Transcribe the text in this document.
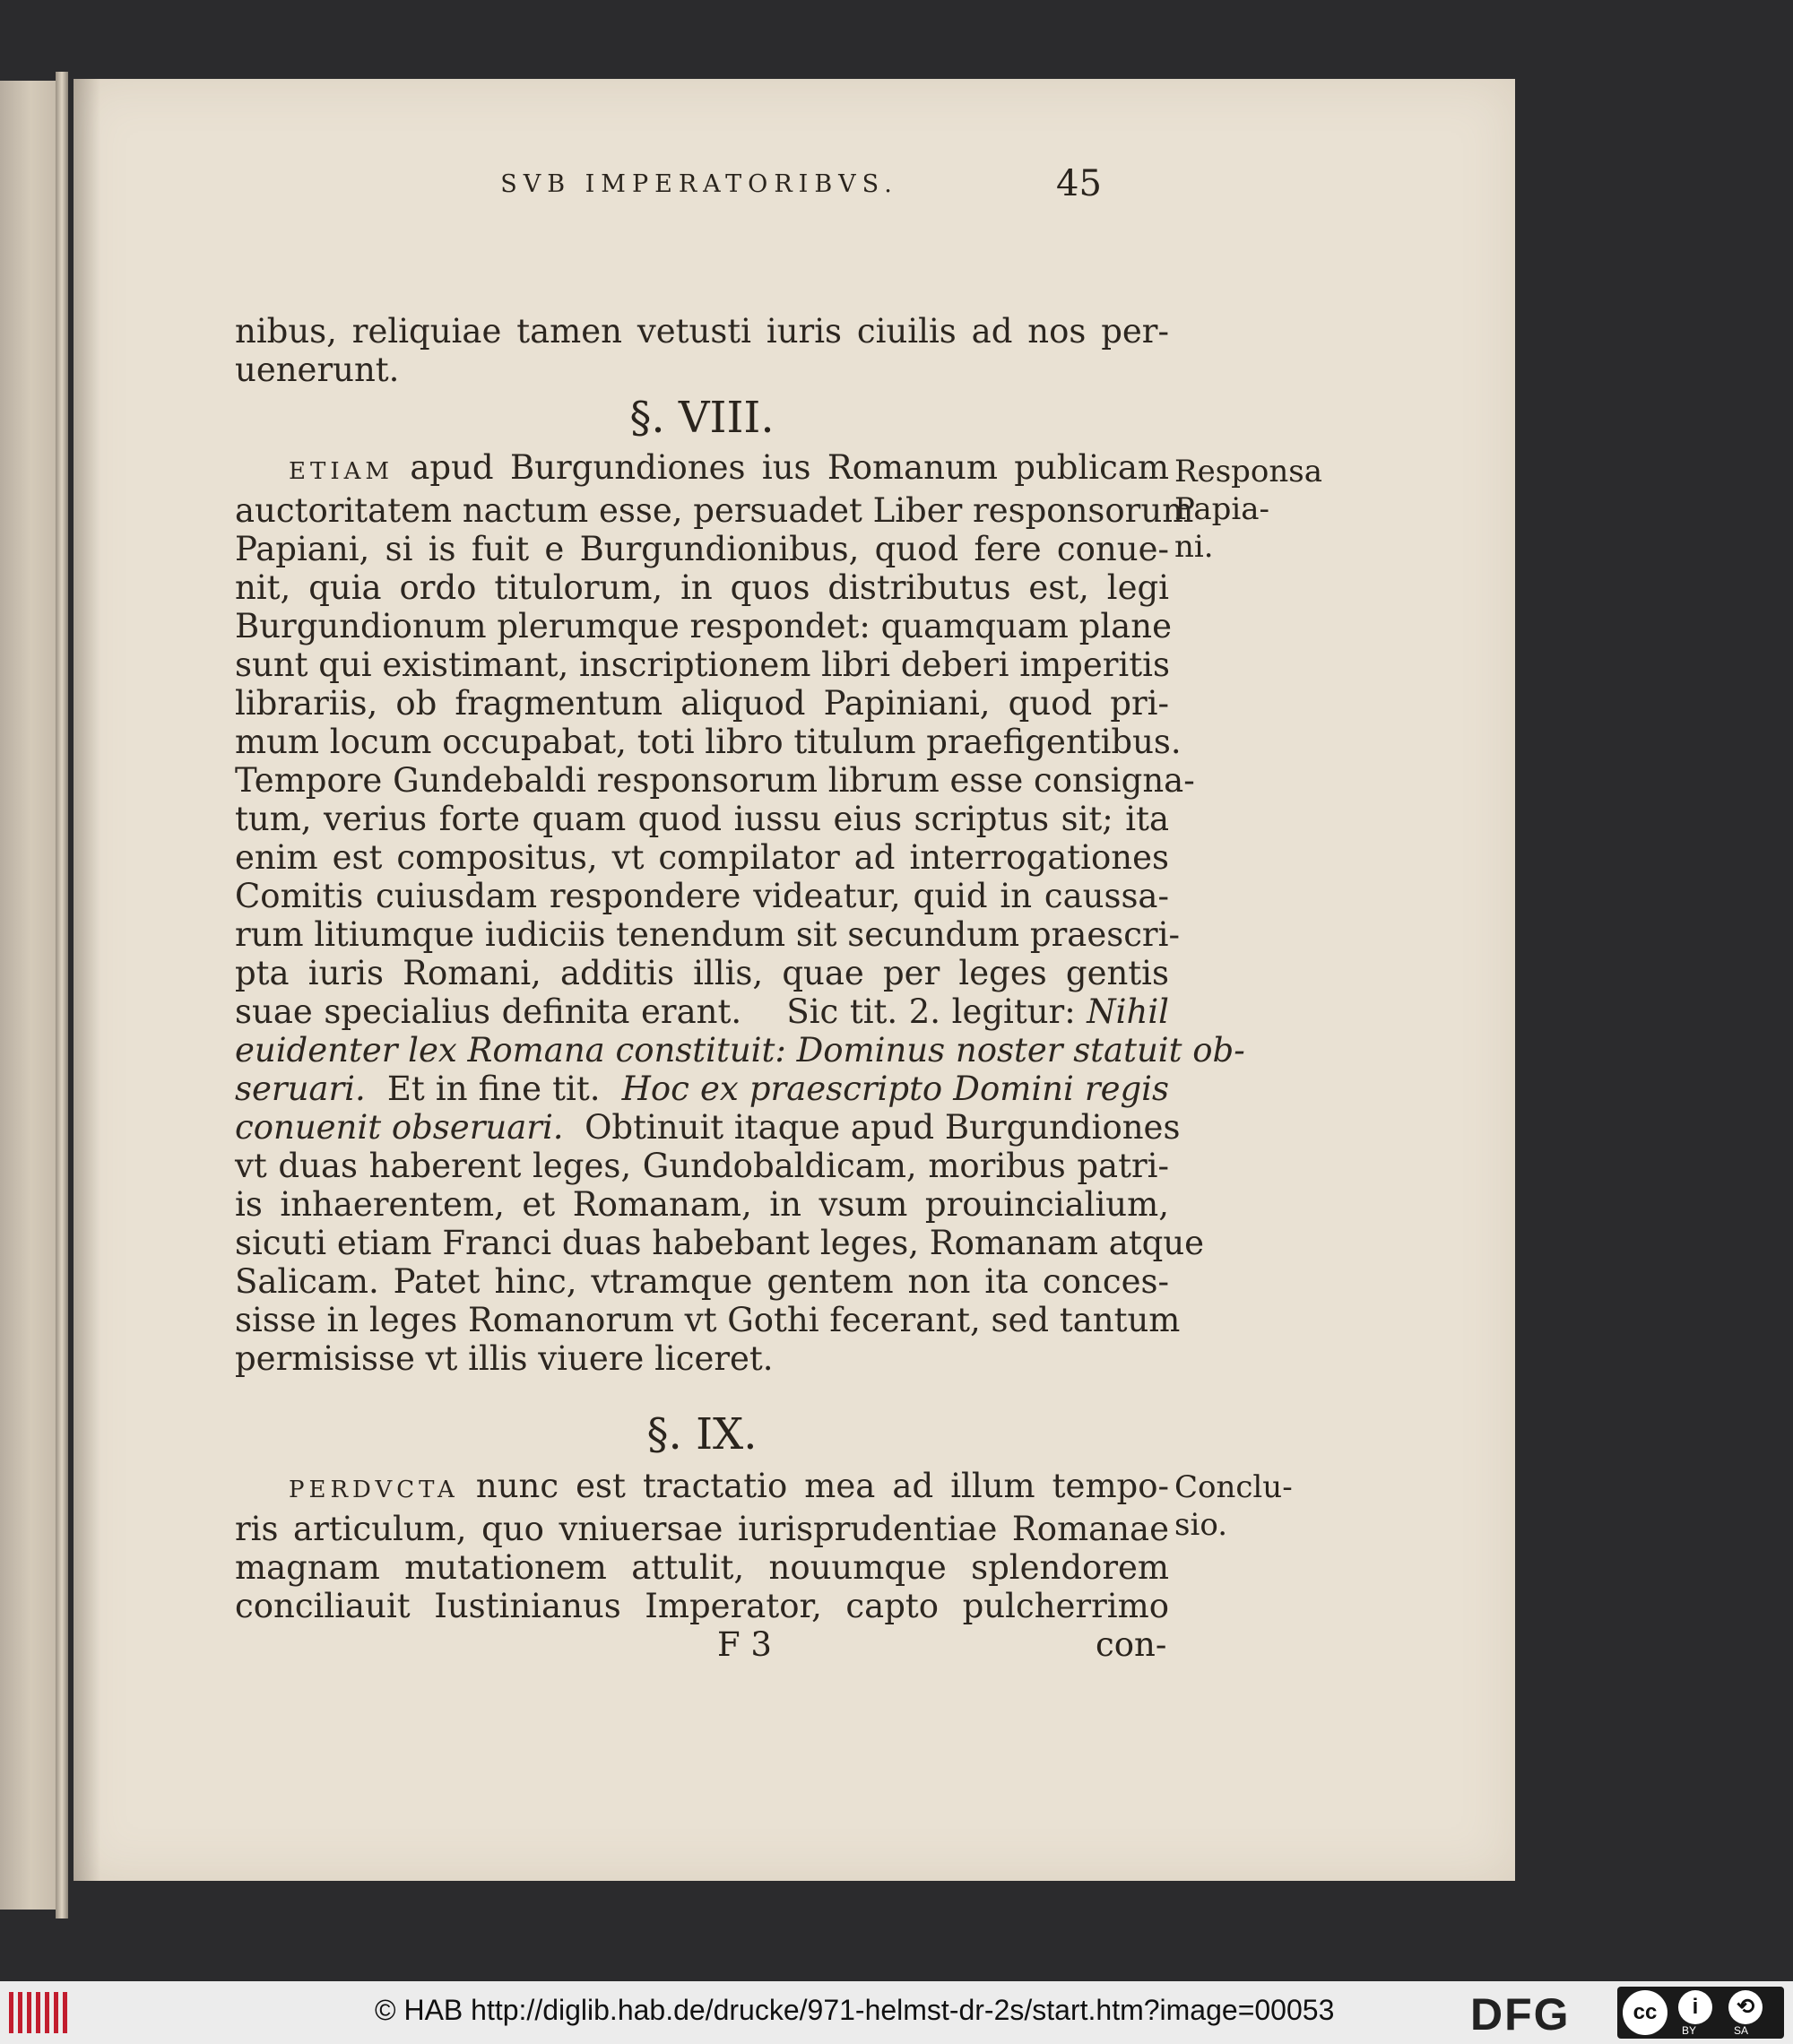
SVB IMPERATORIBVS.	45
nibus, reliquiae tamen vetusti iuris ciuilis ad nos per-
uenerunt.
§. VIII.
ETIAM apud Burgundiones ius Romanum publicam
auctoritatem nactum esse, persuadet Liber responsorum
Papiani, si is fuit e Burgundionibus, quod fere conue-
nit, quia ordo titulorum, in quos distributus est, legi
Burgundionum plerumque respondet: quamquam plane
sunt qui existimant, inscriptionem libri deberi imperitis
librariis, ob fragmentum aliquod Papiniani, quod pri-
mum locum occupabat, toti libro titulum praefigentibus.
Tempore Gundebaldi responsorum librum esse consigna-
tum, verius forte quam quod iussu eius scriptus sit; ita
enim est compositus, vt compilator ad interrogationes
Comitis cuiusdam respondere videatur, quid in caussa-
rum litiumque iudiciis tenendum sit secundum praescri-
pta iuris Romani, additis illis, quae per leges gentis
suae specialius definita erant.    Sic tit. 2. legitur: Nihil
euidenter lex Romana constituit: Dominus noster statuit ob-
seruari.  Et in fine tit.  Hoc ex praescripto Domini regis
conuenit obseruari.  Obtinuit itaque apud Burgundiones
vt duas haberent leges, Gundobaldicam, moribus patri-
is inhaerentem, et Romanam, in vsum prouincialium,
sicuti etiam Franci duas habebant leges, Romanam atque
Salicam. Patet hinc, vtramque gentem non ita conces-
sisse in leges Romanorum vt Gothi fecerant, sed tantum
permisisse vt illis viuere liceret.
Responsa
Papia-
ni.
§. IX.
PERDVCTA nunc est tractatio mea ad illum tempo-
ris articulum, quo vniuersae iurisprudentiae Romanae
magnam mutationem attulit, nouumque splendorem
conciliauit Iustinianus Imperator, capto pulcherrimo
Conclu-
sio.
F 3	con-
© HAB http://diglib.hab.de/drucke/971-helmst-dr-2s/start.htm?image=00053	DFG	cc	i	⟲
BY	SA
